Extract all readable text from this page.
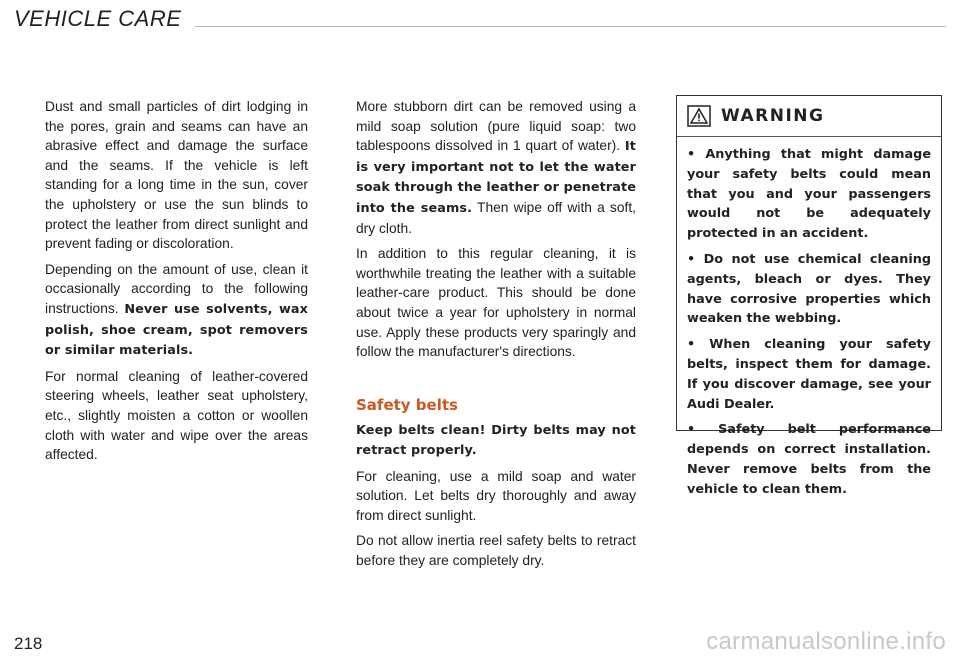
VEHICLE CARE

Dust and small particles of dirt lodging in the pores, grain and seams can have an abrasive effect and damage the surface and the seams. If the vehicle is left standing for a long time in the sun, cover the upholstery or use the sun blinds to protect the leather from direct sunlight and prevent fading or discoloration.

Depending on the amount of use, clean it occasionally according to the following instructions. Never use solvents, wax polish, shoe cream, spot removers or similar materials.

For normal cleaning of leather-covered steering wheels, leather seat upholstery, etc., slightly moisten a cotton or woollen cloth with water and wipe over the areas affected.

More stubborn dirt can be removed using a mild soap solution (pure liquid soap: two tablespoons dissolved in 1 quart of water). It is very important not to let the water soak through the leather or penetrate into the seams. Then wipe off with a soft, dry cloth.

In addition to this regular cleaning, it is worthwhile treating the leather with a suitable leather-care product. This should be done about twice a year for upholstery in normal use. Apply these products very sparingly and follow the manufacturer's directions.

Safety belts

Keep belts clean! Dirty belts may not retract properly.

For cleaning, use a mild soap and water solution. Let belts dry thoroughly and away from direct sunlight.

Do not allow inertia reel safety belts to retract before they are completely dry.

WARNING

• Anything that might damage your safety belts could mean that you and your passengers would not be adequately protected in an accident.

• Do not use chemical cleaning agents, bleach or dyes. They have corrosive properties which weaken the webbing.

• When cleaning your safety belts, inspect them for damage. If you discover damage, see your Audi Dealer.

• Safety belt performance depends on correct installation. Never remove belts from the vehicle to clean them.

218	carmanualsonline.info
